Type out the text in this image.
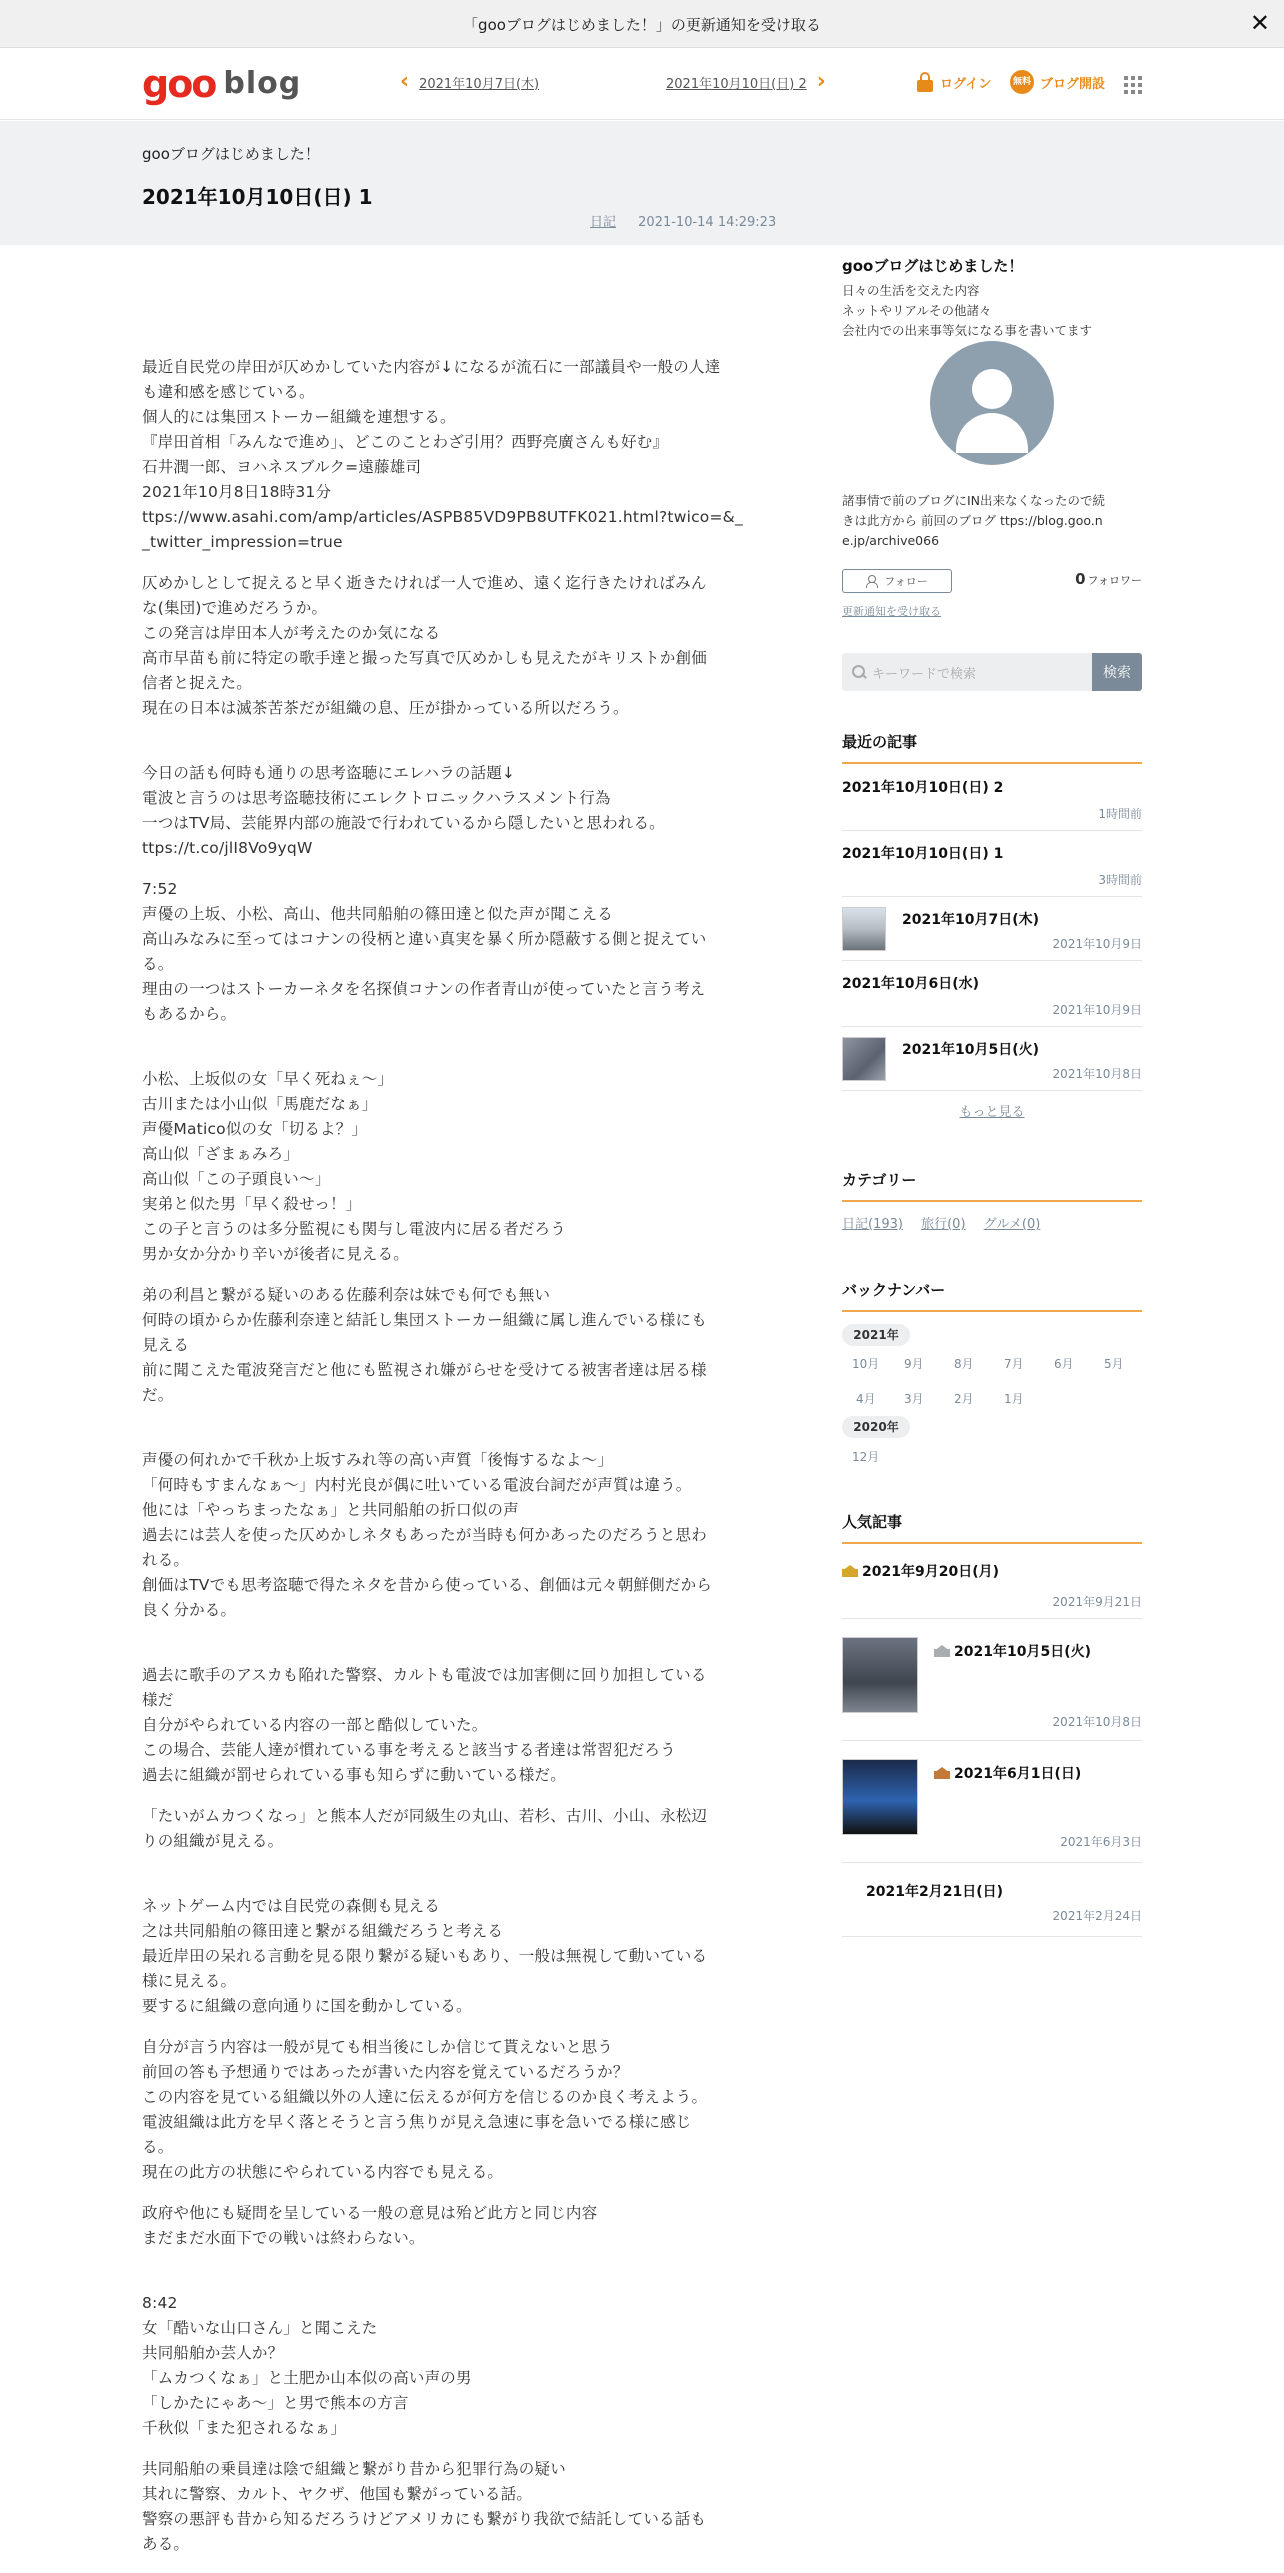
「gooブログはじめました！」の更新通知を受け取る	✕
goo blog	‹ 2021年10月7日(木)	2021年10月10日(日) 2 ›	ログイン	無料 ブログ開設
gooブログはじめました！
2021年10月10日(日) 1
日記 2021-10-14 14:29:23

最近自民党の岸田が仄めかしていた内容が↓になるが流石に一部議員や一般の人達
も違和感を感じている。
個人的には集団ストーカー組織を連想する。
『岸田首相「みんなで進め」、どこのことわざ引用？西野亮廣さんも好む』
石井潤一郎、ヨハネスブルク=遠藤雄司
2021年10月8日18時31分
ttps://www.asahi.com/amp/articles/ASPB85VD9PB8UTFK021.html?twico=&_
_twitter_impression=true

仄めかしとして捉えると早く逝きたければ一人で進め、遠く迄行きたければみん
な(集団)で進めだろうか。
この発言は岸田本人が考えたのか気になる
高市早苗も前に特定の歌手達と撮った写真で仄めかしも見えたがキリストか創価
信者と捉えた。
現在の日本は滅茶苦茶だが組織の息、圧が掛かっている所以だろう。

今日の話も何時も通りの思考盗聴にエレハラの話題↓
電波と言うのは思考盗聴技術にエレクトロニックハラスメント行為
一つはTV局、芸能界内部の施設で行われているから隠したいと思われる。
ttps://t.co/jlI8Vo9yqW

7:52
声優の上坂、小松、高山、他共同船舶の篠田達と似た声が聞こえる
高山みなみに至ってはコナンの役柄と違い真実を暴く所か隠蔽する側と捉えてい
る。
理由の一つはストーカーネタを名探偵コナンの作者青山が使っていたと言う考え
もあるから。

小松、上坂似の女「早く死ねぇ～」
古川または小山似「馬鹿だなぁ」
声優Matico似の女「切るよ？」
高山似「ざまぁみろ」
高山似「この子頭良い～」
実弟と似た男「早く殺せっ！」
この子と言うのは多分監視にも関与し電波内に居る者だろう
男か女か分かり辛いが後者に見える。

弟の利昌と繋がる疑いのある佐藤利奈は妹でも何でも無い
何時の頃からか佐藤利奈達と結託し集団ストーカー組織に属し進んでいる様にも
見える
前に聞こえた電波発言だと他にも監視され嫌がらせを受けてる被害者達は居る様
だ。

声優の何れかで千秋か上坂すみれ等の高い声質「後悔するなよ～」
「何時もすまんなぁ～」内村光良が偶に吐いている電波台詞だが声質は違う。
他には「やっちまったなぁ」と共同船舶の折口似の声
過去には芸人を使った仄めかしネタもあったが当時も何かあったのだろうと思わ
れる。
創価はTVでも思考盗聴で得たネタを昔から使っている、創価は元々朝鮮側だから
良く分かる。

過去に歌手のアスカも陥れた警察、カルトも電波では加害側に回り加担している
様だ
自分がやられている内容の一部と酷似していた。
この場合、芸能人達が慣れている事を考えると該当する者達は常習犯だろう
過去に組織が罰せられている事も知らずに動いている様だ。

「たいがムカつくなっ」と熊本人だが同級生の丸山、若杉、古川、小山、永松辺
りの組織が見える。

ネットゲーム内では自民党の森側も見える
之は共同船舶の篠田達と繋がる組織だろうと考える
最近岸田の呆れる言動を見る限り繋がる疑いもあり、一般は無視して動いている
様に見える。
要するに組織の意向通りに国を動かしている。

自分が言う内容は一般が見ても相当後にしか信じて貰えないと思う
前回の答も予想通りではあったが書いた内容を覚えているだろうか？
この内容を見ている組織以外の人達に伝えるが何方を信じるのか良く考えよう。
電波組織は此方を早く落とそうと言う焦りが見え急速に事を急いでる様に感じ
る。
現在の此方の状態にやられている内容でも見える。

政府や他にも疑問を呈している一般の意見は殆ど此方と同じ内容
まだまだ水面下での戦いは終わらない。

8:42
女「酷いな山口さん」と聞こえた
共同船舶か芸人か？
「ムカつくなぁ」と土肥か山本似の高い声の男
「しかたにゃあ～」と男で熊本の方言
千秋似「また犯されるなぁ」

共同船舶の乗員達は陰で組織と繋がり昔から犯罪行為の疑い
其れに警察、カルト、ヤクザ、他国も繋がっている話。
警察の悪評も昔から知るだろうけどアメリカにも繋がり我欲で結託している話も
ある。

gooブログはじめました！
日々の生活を交えた内容
ネットやリアルその他諸々
会社内での出来事等気になる事を書いてます
諸事情で前のブログにIN出来なくなったので続
きは此方から 前回のブログ ttps://blog.goo.n
e.jp/archive066
フォロー	0 フォロワー
更新通知を受け取る
キーワードで検索	検索
最近の記事
2021年10月10日(日) 2
1時間前
2021年10月10日(日) 1
3時間前
2021年10月7日(木)
2021年10月9日
2021年10月6日(水)
2021年10月9日
2021年10月5日(火)
2021年10月8日
もっと見る
カテゴリー
日記(193) 旅行(0) グルメ(0)
バックナンバー
2021年
10月 9月	8月	7月	6月	5月
4月 3月	2月	1月
2020年
12月
人気記事
2021年9月20日(月)
2021年9月21日
2021年10月5日(火)
2021年10月8日
2021年6月1日(日)
2021年6月3日
2021年2月21日(日)
2021年2月24日
